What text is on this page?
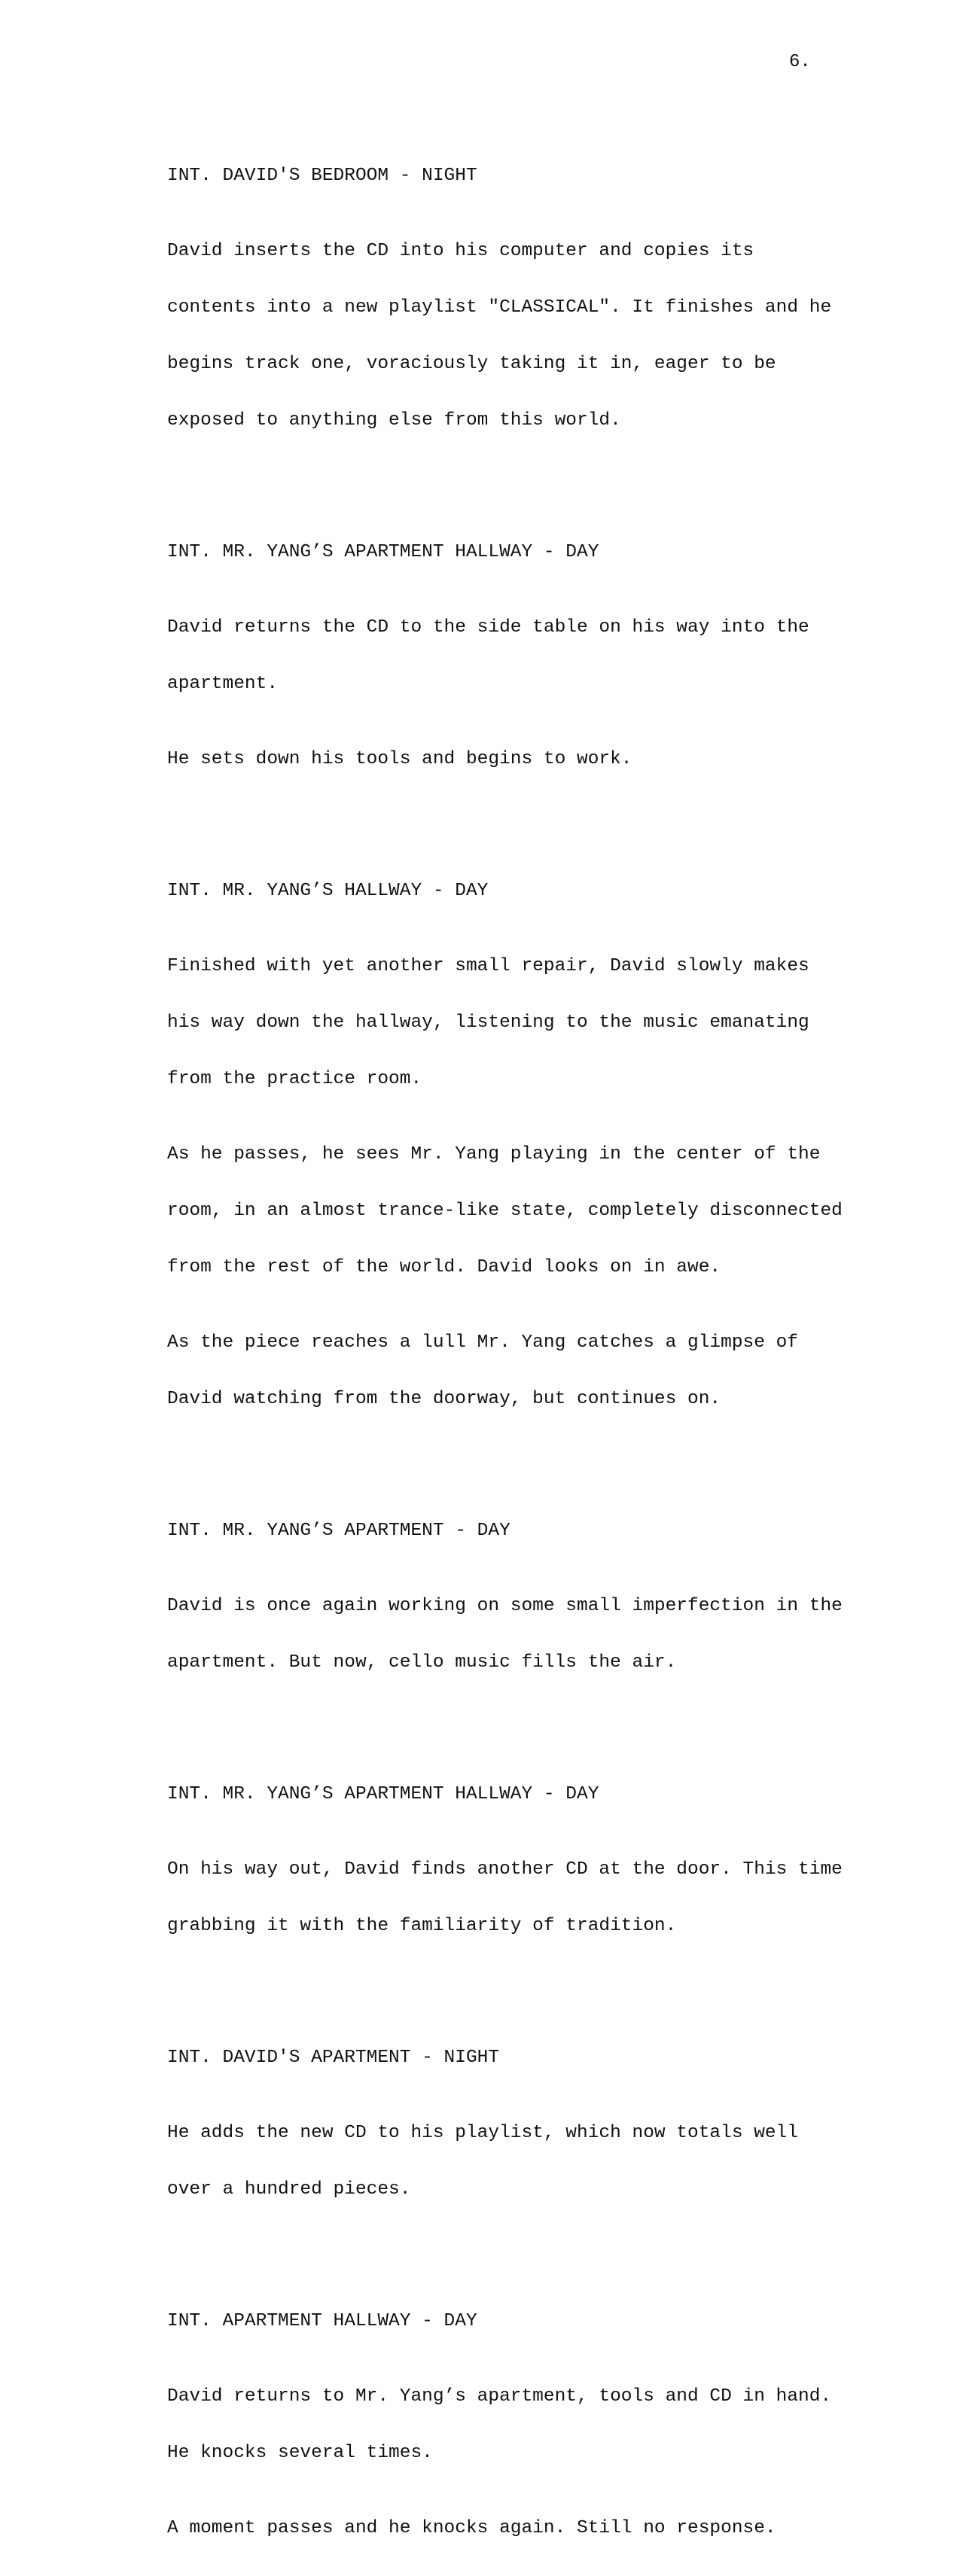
6.

INT. DAVID'S BEDROOM - NIGHT

David inserts the CD into his computer and copies its

contents into a new playlist "CLASSICAL". It finishes and he

begins track one, voraciously taking it in, eager to be

exposed to anything else from this world.

INT. MR. YANG’S APARTMENT HALLWAY - DAY

David returns the CD to the side table on his way into the

apartment.

He sets down his tools and begins to work.

INT. MR. YANG’S HALLWAY - DAY

Finished with yet another small repair, David slowly makes

his way down the hallway, listening to the music emanating

from the practice room.

As he passes, he sees Mr. Yang playing in the center of the

room, in an almost trance-like state, completely disconnected

from the rest of the world. David looks on in awe.

As the piece reaches a lull Mr. Yang catches a glimpse of

David watching from the doorway, but continues on.

INT. MR. YANG’S APARTMENT - DAY

David is once again working on some small imperfection in the

apartment. But now, cello music fills the air.

INT. MR. YANG’S APARTMENT HALLWAY - DAY

On his way out, David finds another CD at the door. This time

grabbing it with the familiarity of tradition.

INT. DAVID'S APARTMENT - NIGHT

He adds the new CD to his playlist, which now totals well

over a hundred pieces.

INT. APARTMENT HALLWAY - DAY

David returns to Mr. Yang’s apartment, tools and CD in hand.

He knocks several times.

A moment passes and he knocks again. Still no response.
